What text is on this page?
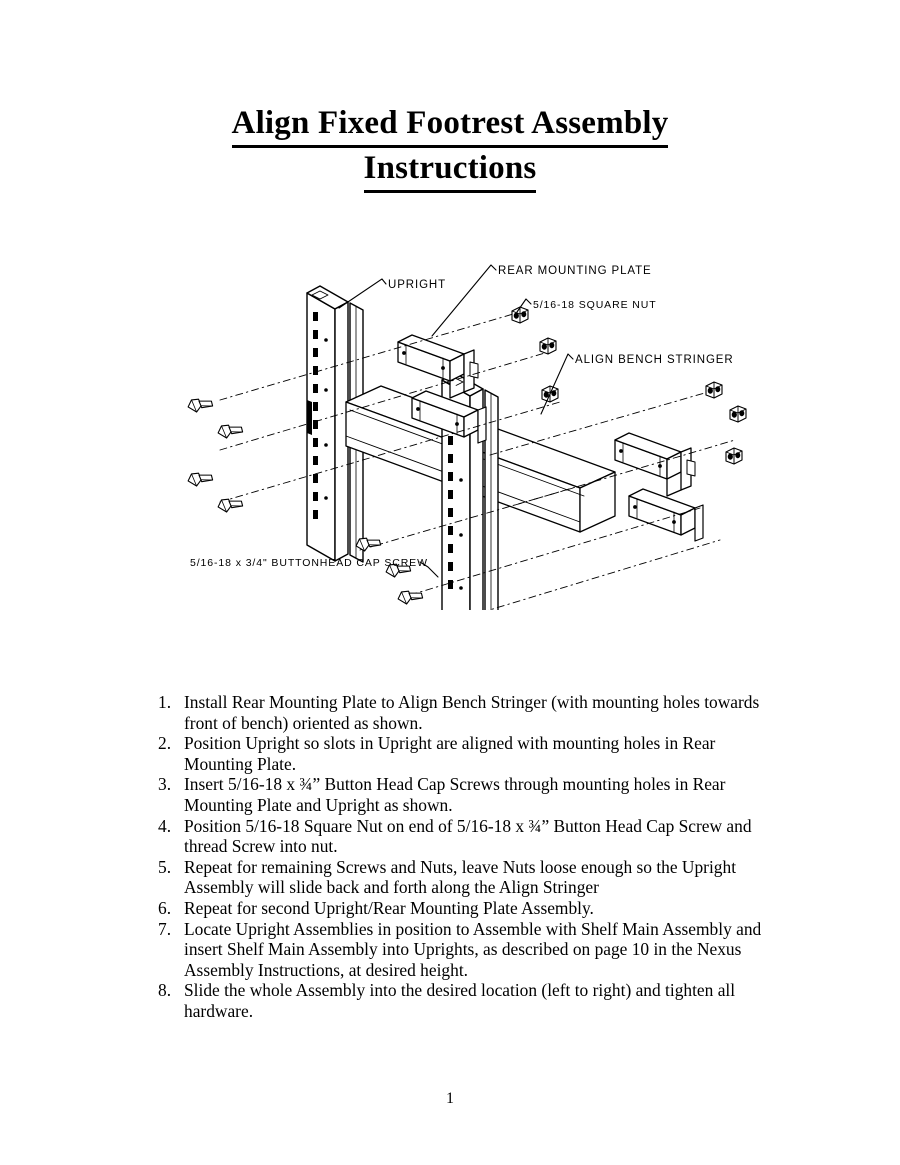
Align Fixed Footrest Assembly
Instructions
UPRIGHT
REAR MOUNTING PLATE
5/16-18 SQUARE NUT
ALIGN BENCH STRINGER
5/16-18 x 3/4" BUTTONHEAD CAP SCREW
1. Install Rear Mounting Plate to Align Bench Stringer (with mounting holes towards front of bench) oriented as shown.
2. Position Upright so slots in Upright are aligned with mounting holes in Rear Mounting Plate.
3. Insert 5/16-18 x ¾” Button Head Cap Screws through mounting holes in Rear Mounting Plate and Upright as shown.
4. Position 5/16-18 Square Nut on end of 5/16-18 x ¾” Button Head Cap Screw and thread Screw into nut.
5. Repeat for remaining Screws and Nuts, leave Nuts loose enough so the Upright Assembly will slide back and forth along the Align Stringer
6. Repeat for second Upright/Rear Mounting Plate Assembly.
7. Locate Upright Assemblies in position to Assemble with Shelf Main Assembly and insert Shelf Main Assembly into Uprights, as described on page 10 in the Nexus Assembly Instructions, at desired height.
8. Slide the whole Assembly into the desired location (left to right) and tighten all hardware.
1
